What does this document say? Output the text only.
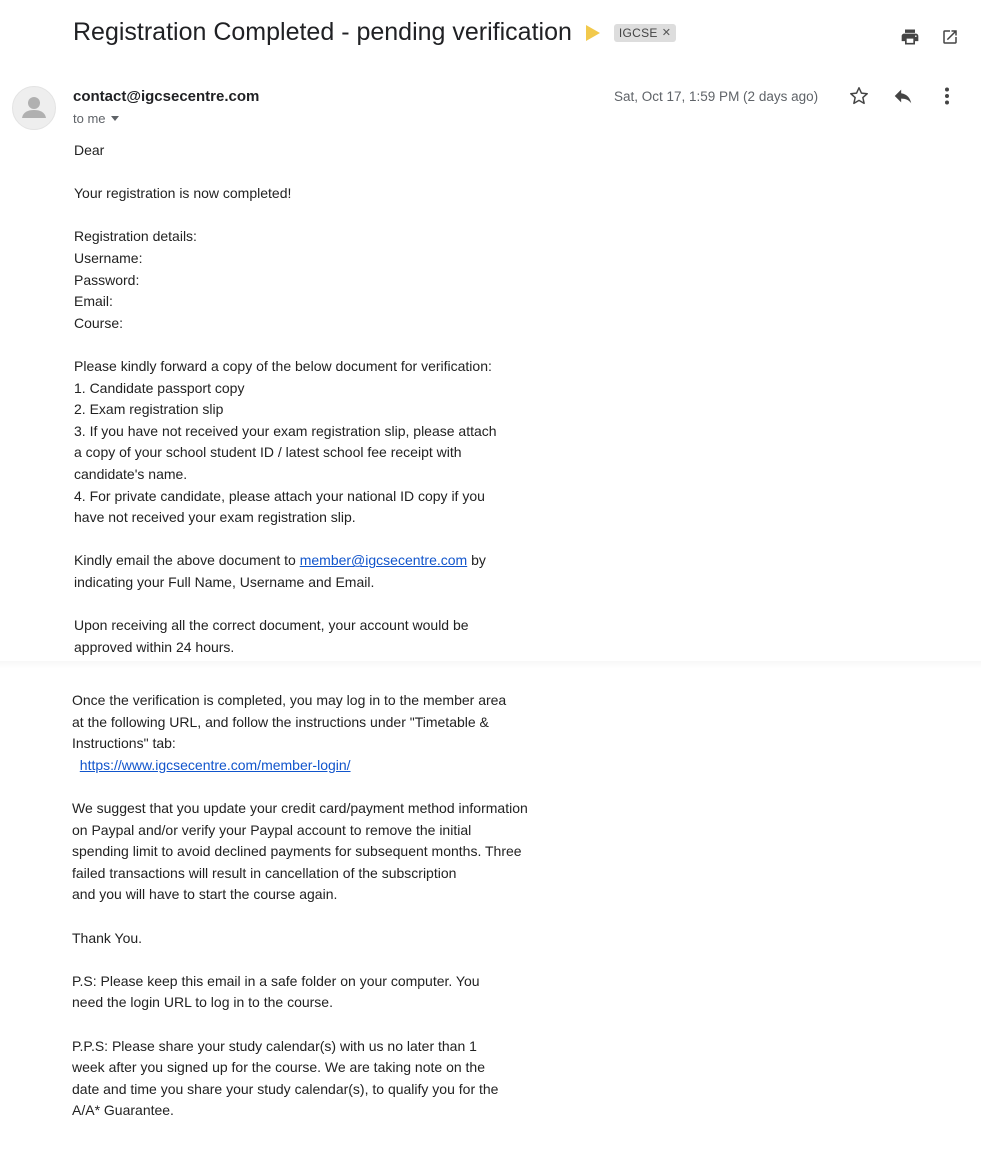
Registration Completed - pending verification	IGCSE ✕
contact@igcsecentre.com
to me
Sat, Oct 17, 1:59 PM (2 days ago)

Dear

Your registration is now completed!

Registration details:
Username:
Password:
Email:
Course:

Please kindly forward a copy of the below document for verification:
1. Candidate passport copy
2. Exam registration slip
3. If you have not received your exam registration slip, please attach
a copy of your school student ID / latest school fee receipt with
candidate's name.
4. For private candidate, please attach your national ID copy if you
have not received your exam registration slip.

Kindly email the above document to member@igcsecentre.com by
indicating your Full Name, Username and Email.

Upon receiving all the correct document, your account would be
approved within 24 hours.

Once the verification is completed, you may log in to the member area
at the following URL, and follow the instructions under "Timetable &
Instructions" tab:
https://www.igcsecentre.com/member-login/

We suggest that you update your credit card/payment method information
on Paypal and/or verify your Paypal account to remove the initial
spending limit to avoid declined payments for subsequent months. Three
failed transactions will result in cancellation of the subscription
and you will have to start the course again.

Thank You.

P.S: Please keep this email in a safe folder on your computer. You
need the login URL to log in to the course.

P.P.S: Please share your study calendar(s) with us no later than 1
week after you signed up for the course. We are taking note on the
date and time you share your study calendar(s), to qualify you for the
A/A* Guarantee.
